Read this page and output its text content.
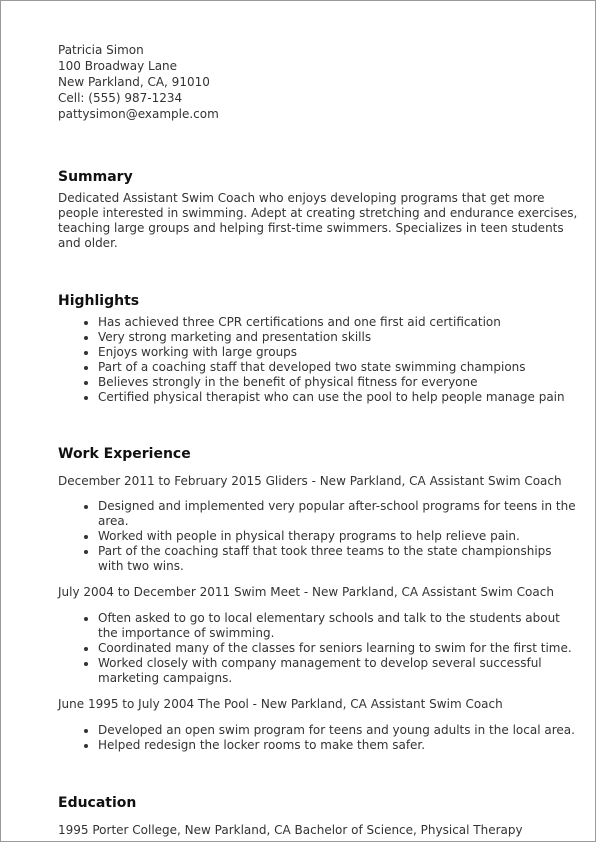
Patricia Simon
100 Broadway Lane
New Parkland, CA, 91010
Cell: (555) 987-1234
pattysimon@example.com
Summary

Dedicated Assistant Swim Coach who enjoys developing programs that get more people interested in swimming. Adept at creating stretching and endurance exercises, teaching large groups and helping first-time swimmers. Specializes in teen students and older.

Highlights
• Has achieved three CPR certifications and one first aid certification
• Very strong marketing and presentation skills
• Enjoys working with large groups
• Part of a coaching staff that developed two state swimming champions
• Believes strongly in the benefit of physical fitness for everyone
• Certified physical therapist who can use the pool to help people manage pain
Work Experience
December 2011 to February 2015 Gliders - New Parkland, CA Assistant Swim Coach
• Designed and implemented very popular after-school programs for teens in the area.
• Worked with people in physical therapy programs to help relieve pain.
• Part of the coaching staff that took three teams to the state championships with two wins.
July 2004 to December 2011 Swim Meet - New Parkland, CA Assistant Swim Coach
• Often asked to go to local elementary schools and talk to the students about the importance of swimming.
• Coordinated many of the classes for seniors learning to swim for the first time.
• Worked closely with company management to develop several successful marketing campaigns.
June 1995 to July 2004 The Pool - New Parkland, CA Assistant Swim Coach
• Developed an open swim program for teens and young adults in the local area.
• Helped redesign the locker rooms to make them safer.
Education

1995 Porter College, New Parkland, CA Bachelor of Science, Physical Therapy
